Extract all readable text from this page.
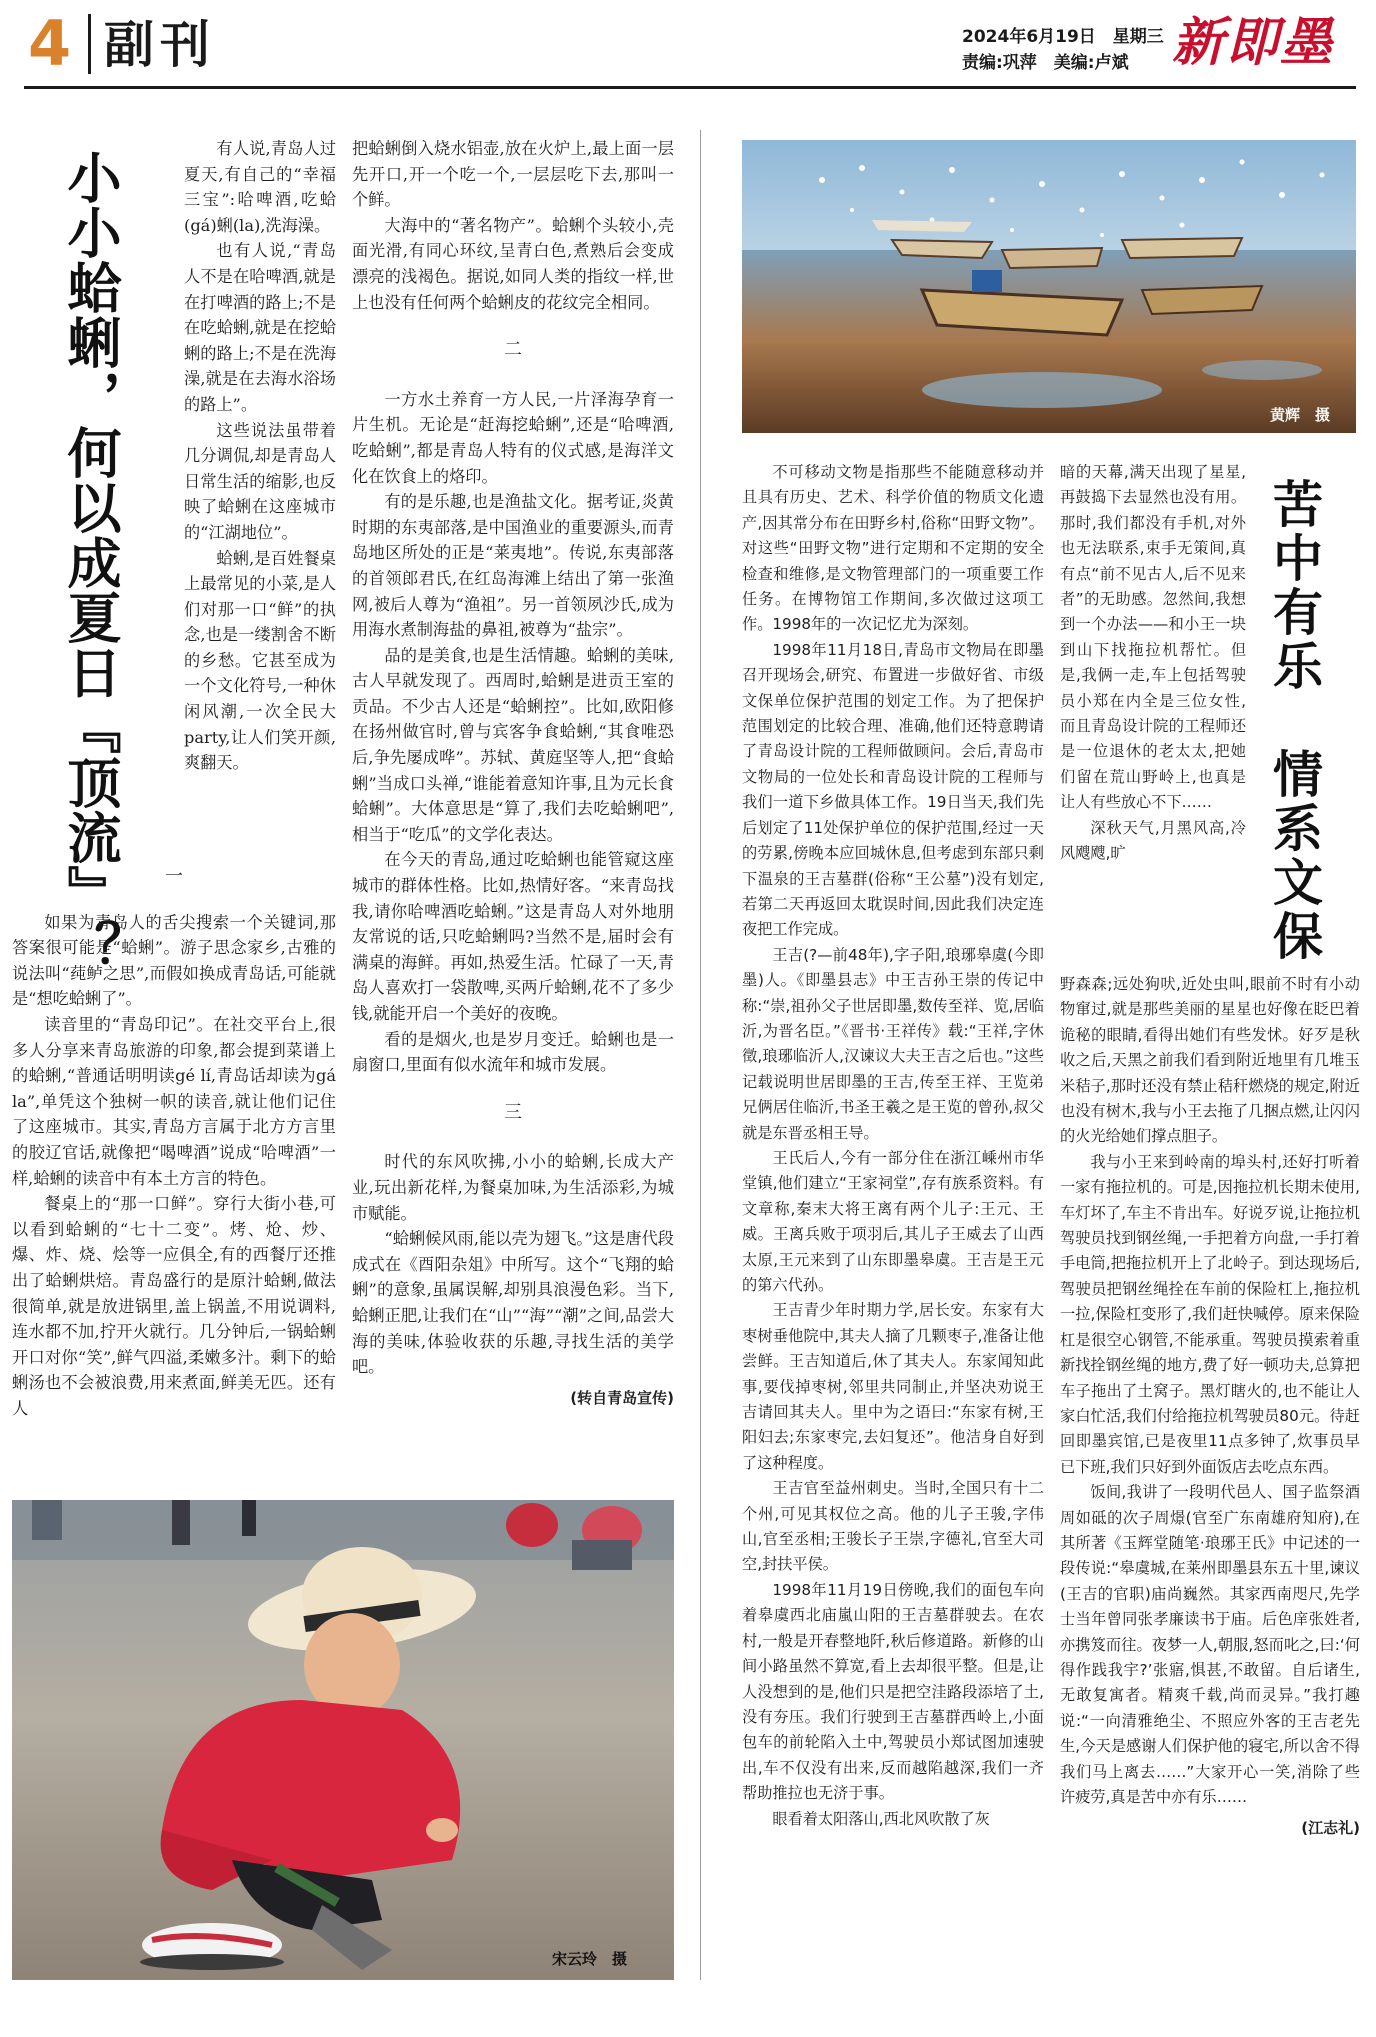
4 副刊	2024年6月19日　星期三
责编:巩萍　美编:卢斌 新即墨
小小蛤蜊，何以成夏日『顶流』？

有人说,青岛人过夏天,有自己的“幸福三宝”:哈啤酒,吃蛤(gá)蜊(la),洗海澡。

也有人说,“青岛人不是在哈啤酒,就是在打啤酒的路上;不是在吃蛤蜊,就是在挖蛤蜊的路上;不是在洗海澡,就是在去海水浴场的路上”。

这些说法虽带着几分调侃,却是青岛人日常生活的缩影,也反映了蛤蜊在这座城市的“江湖地位”。

蛤蜊,是百姓餐桌上最常见的小菜,是人们对那一口“鲜”的执念,也是一缕割舍不断的乡愁。它甚至成为一个文化符号,一种休闲风潮,一次全民大party,让人们笑开颜,爽翻天。

一

如果为青岛人的舌尖搜索一个关键词,那答案很可能是“蛤蜊”。游子思念家乡,古雅的说法叫“莼鲈之思”,而假如换成青岛话,可能就是“想吃蛤蜊了”。

读音里的“青岛印记”。在社交平台上,很多人分享来青岛旅游的印象,都会提到菜谱上的蛤蜊,“普通话明明读gé lí,青岛话却读为gá la”,单凭这个独树一帜的读音,就让他们记住了这座城市。其实,青岛方言属于北方方言里的胶辽官话,就像把“喝啤酒”说成“哈啤酒”一样,蛤蜊的读音中有本土方言的特色。

餐桌上的“那一口鲜”。穿行大街小巷,可以看到蛤蜊的“七十二变”。烤、炝、炒、爆、炸、烧、烩等一应俱全,有的西餐厅还推出了蛤蜊烘焙。青岛盛行的是原汁蛤蜊,做法很简单,就是放进锅里,盖上锅盖,不用说调料,连水都不加,拧开火就行。几分钟后,一锅蛤蜊开口对你“笑”,鲜气四溢,柔嫩多汁。剩下的蛤蜊汤也不会被浪费,用来煮面,鲜美无匹。还有人

把蛤蜊倒入烧水铝壶,放在火炉上,最上面一层先开口,开一个吃一个,一层层吃下去,那叫一个鲜。

大海中的“著名物产”。蛤蜊个头较小,壳面光滑,有同心环纹,呈青白色,煮熟后会变成漂亮的浅褐色。据说,如同人类的指纹一样,世上也没有任何两个蛤蜊皮的花纹完全相同。

二

一方水土养育一方人民,一片泽海孕育一片生机。无论是“赶海挖蛤蜊”,还是“哈啤酒,吃蛤蜊”,都是青岛人特有的仪式感,是海洋文化在饮食上的烙印。

有的是乐趣,也是渔盐文化。据考证,炎黄时期的东夷部落,是中国渔业的重要源头,而青岛地区所处的正是“莱夷地”。传说,东夷部落的首领郎君氏,在红岛海滩上结出了第一张渔网,被后人尊为“渔祖”。另一首领夙沙氏,成为用海水煮制海盐的鼻祖,被尊为“盐宗”。

品的是美食,也是生活情趣。蛤蜊的美味,古人早就发现了。西周时,蛤蜊是进贡王室的贡品。不少古人还是“蛤蜊控”。比如,欧阳修在扬州做官时,曾与宾客争食蛤蜊,“其食唯恐后,争先屡成哗”。苏轼、黄庭坚等人,把“食蛤蜊”当成口头禅,“谁能着意知许事,且为元长食蛤蜊”。大体意思是“算了,我们去吃蛤蜊吧”,相当于“吃瓜”的文学化表达。

在今天的青岛,通过吃蛤蜊也能管窥这座城市的群体性格。比如,热情好客。“来青岛找我,请你哈啤酒吃蛤蜊。”这是青岛人对外地朋友常说的话,只吃蛤蜊吗?当然不是,届时会有满桌的海鲜。再如,热爱生活。忙碌了一天,青岛人喜欢打一袋散啤,买两斤蛤蜊,花不了多少钱,就能开启一个美好的夜晚。

看的是烟火,也是岁月变迁。蛤蜊也是一扇窗口,里面有似水流年和城市发展。

三

时代的东风吹拂,小小的蛤蜊,长成大产业,玩出新花样,为餐桌加味,为生活添彩,为城市赋能。

“蛤蜊候风雨,能以壳为翅飞。”这是唐代段成式在《酉阳杂俎》中所写。这个“飞翔的蛤蜊”的意象,虽属误解,却别具浪漫色彩。当下,蛤蜊正肥,让我们在“山”“海”“潮”之间,品尝大海的美味,体验收获的乐趣,寻找生活的美学吧。

(转自青岛宣传)

宋云玲　摄
黄辉　摄

不可移动文物是指那些不能随意移动并且具有历史、艺术、科学价值的物质文化遗产,因其常分布在田野乡村,俗称“田野文物”。对这些“田野文物”进行定期和不定期的安全检查和维修,是文物管理部门的一项重要工作任务。在博物馆工作期间,多次做过这项工作。1998年的一次记忆尤为深刻。

1998年11月18日,青岛市文物局在即墨召开现场会,研究、布置进一步做好省、市级文保单位保护范围的划定工作。为了把保护范围划定的比较合理、准确,他们还特意聘请了青岛设计院的工程师做顾问。会后,青岛市文物局的一位处长和青岛设计院的工程师与我们一道下乡做具体工作。19日当天,我们先后划定了11处保护单位的保护范围,经过一天的劳累,傍晚本应回城休息,但考虑到东部只剩下温泉的王吉墓群(俗称“王公墓”)没有划定,若第二天再返回太耽误时间,因此我们决定连夜把工作完成。

王吉(?—前48年),字子阳,琅琊皋虞(今即墨)人。《即墨县志》中王吉孙王崇的传记中称:“崇,祖孙父子世居即墨,数传至祥、览,居临沂,为晋名臣。”《晋书·王祥传》载:“王祥,字休徵,琅琊临沂人,汉谏议大夫王吉之后也。”这些记载说明世居即墨的王吉,传至王祥、王览弟兄俩居住临沂,书圣王羲之是王览的曾孙,叔父就是东晋丞相王导。

王氏后人,今有一部分住在浙江嵊州市华堂镇,他们建立“王家祠堂”,存有族系资料。有文章称,秦末大将王离有两个儿子:王元、王威。王离兵败于项羽后,其儿子王威去了山西太原,王元来到了山东即墨皋虞。王吉是王元的第六代孙。

王吉青少年时期力学,居长安。东家有大枣树垂他院中,其夫人摘了几颗枣子,准备让他尝鲜。王吉知道后,休了其夫人。东家闻知此事,要伐掉枣树,邻里共同制止,并坚决劝说王吉请回其夫人。里中为之语曰:“东家有树,王阳妇去;东家枣完,去妇复还”。他洁身自好到了这种程度。

王吉官至益州刺史。当时,全国只有十二个州,可见其权位之高。他的儿子王骏,字伟山,官至丞相;王骏长子王崇,字德礼,官至大司空,封扶平侯。

1998年11月19日傍晚,我们的面包车向着皋虞西北庙嵐山阳的王吉墓群驶去。在农村,一般是开春整地阡,秋后修道路。新修的山间小路虽然不算宽,看上去却很平整。但是,让人没想到的是,他们只是把空洼路段添培了土,没有夯压。我们行驶到王吉墓群西岭上,小面包车的前轮陷入土中,驾驶员小郑试图加速驶出,车不仅没有出来,反而越陷越深,我们一齐帮助推拉也无济于事。

眼看着太阳落山,西北风吹散了灰

暗的天幕,满天出现了星星,再鼓捣下去显然也没有用。那时,我们都没有手机,对外也无法联系,束手无策间,真有点“前不见古人,后不见来者”的无助感。忽然间,我想到一个办法——和小王一块到山下找拖拉机帮忙。但是,我俩一走,车上包括驾驶员小郑在内全是三位女性,而且青岛设计院的工程师还是一位退休的老太太,把她们留在荒山野岭上,也真是让人有些放心不下……

深秋天气,月黑风高,冷风飕飕,旷	苦中有乐　情系文保

野森森;远处狗吠,近处虫叫,眼前不时有小动物窜过,就是那些美丽的星星也好像在眨巴着诡秘的眼睛,看得出她们有些发怵。好歹是秋收之后,天黑之前我们看到附近地里有几堆玉米秸子,那时还没有禁止秸秆燃烧的规定,附近也没有树木,我与小王去拖了几捆点燃,让闪闪的火光给她们撑点胆子。

我与小王来到岭南的埠头村,还好打听着一家有拖拉机的。可是,因拖拉机长期未使用,车灯坏了,车主不肯出车。好说歹说,让拖拉机驾驶员找到钢丝绳,一手把着方向盘,一手打着手电筒,把拖拉机开上了北岭子。到达现场后,驾驶员把钢丝绳拴在车前的保险杠上,拖拉机一拉,保险杠变形了,我们赶快喊停。原来保险杠是很空心钢管,不能承重。驾驶员摸索着重新找拴钢丝绳的地方,费了好一顿功夫,总算把车子拖出了土窝子。黑灯瞎火的,也不能让人家白忙活,我们付给拖拉机驾驶员80元。待赶回即墨宾馆,已是夜里11点多钟了,炊事员早已下班,我们只好到外面饭店去吃点东西。

饭间,我讲了一段明代邑人、国子监祭酒周如砥的次子周燝(官至广东南雄府知府),在其所著《玉辉堂随笔·琅琊王氏》中记述的一段传说:“皋虞城,在莱州即墨县东五十里,谏议(王吉的官职)庙尚巍然。其家西南咫尺,先学士当年曾同张孝廉读书于庙。后色庠张姓者,亦携笈而往。夜梦一人,朝服,怒而叱之,曰:‘何得作践我宇?’张寤,惧甚,不敢留。自后诸生,无敢复寓者。精爽千载,尚而灵异。”我打趣说:“一向清雅绝尘、不照应外客的王吉老先生,今天是感谢人们保护他的寝宅,所以舍不得我们马上离去……”大家开心一笑,消除了些许疲劳,真是苦中亦有乐……

(江志礼)
